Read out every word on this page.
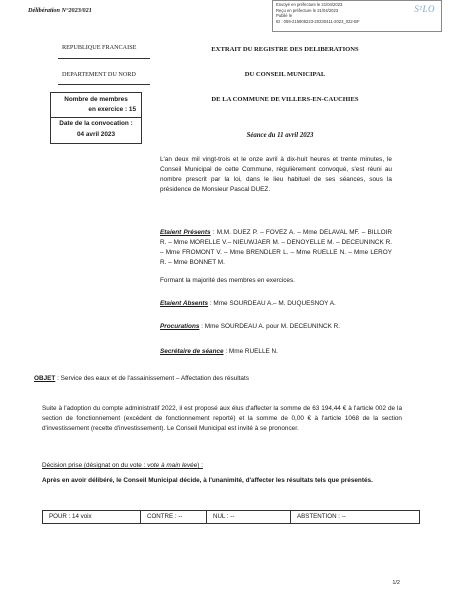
Délibération N°2023/021
Envoyé en préfecture le 21/04/2023
Reçu en préfecture le 21/04/2023
Publié le
ID : 059-215906223-20230411-2023_022-BF
S²LO
REPUBLIQUE FRANCAISE
DEPARTEMENT DU NORD
Nombre de membres
en exercice : 15
Date de la convocation :
04 avril 2023
EXTRAIT DU REGISTRE DES DELIBERATIONS
DU CONSEIL MUNICIPAL
DE LA COMMUNE DE VILLERS-EN-CAUCHIES
Séance du 11 avril 2023
L'an deux mil vingt-trois et le onze avril à dix-huit heures et trente minutes, le Conseil Municipal de cette Commune, régulièrement convoqué, s'est réuni au nombre prescrit par la loi, dans le lieu habituel de ses séances, sous la présidence de Monsieur Pascal DUEZ.
Etaient Présents : M.M. DUEZ P. – FOVEZ A. – Mme DELAVAL MF. – BILLOIR R. – Mme MORELLE V.– NIEUWJAER M. – DENOYELLE M. – DECEUNINCK R. – Mme FROMONT V. – Mme BRENDLER L. – Mme RUELLE N. – Mme LEROY R. – Mme BONNET M.
Formant la majorité des membres en exercices.
Etaient Absents : Mme SOURDEAU A.– M. DUQUESNOY A.
Procurations : Mme SOURDEAU A. pour M. DECEUNINCK R.
Secrétaire de séance : Mme RUELLE N.
OBJET : Service des eaux et de l'assainissement – Affectation des résultats
Suite à l'adoption du compte administratif 2022, il est proposé aux élus d'affecter la somme de 63 194,44 € à l'article 002 de la section de fonctionnement (excédent de fonctionnement reporté) et la somme de 0,00 € à l'article 1068 de la section d'investissement (recette d'investissement). Le Conseil Municipal est invité à se prononcer.
Décision prise (désignat on du vote : vote à main levée) :
Après en avoir délibéré, le Conseil Municipal décide, à l'unanimité, d'affecter les résultats tels que présentés.
POUR : 14 voix	CONTRE : --	NUL : --	ABSTENTION : --
1/2
